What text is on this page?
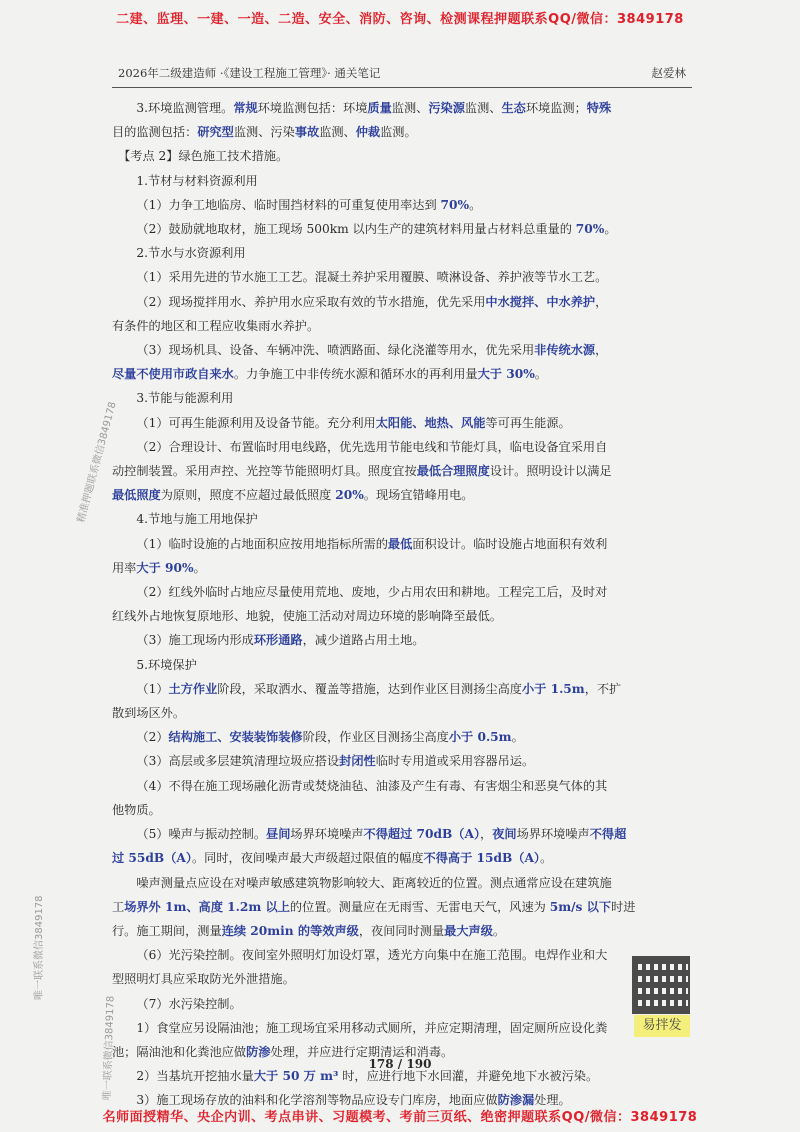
二建、监理、一建、一造、二造、安全、消防、咨询、检测课程押题联系QQ/微信：3849178
2026年二级建造师 ·《建设工程施工管理》· 通关笔记	赵爱林

3.环境监测管理。常规环境监测包括：环境质量监测、污染源监测、生态环境监测；特殊

目的监测包括：研究型监测、污染事故监测、仲裁监测。

【考点 2】绿色施工技术措施。

1.节材与材料资源利用

（1）力争工地临房、临时围挡材料的可重复使用率达到 70%。

（2）鼓励就地取材，施工现场 500km 以内生产的建筑材料用量占材料总重量的 70%。

2.节水与水资源利用

（1）采用先进的节水施工工艺。混凝土养护采用覆膜、喷淋设备、养护液等节水工艺。

（2）现场搅拌用水、养护用水应采取有效的节水措施，优先采用中水搅拌、中水养护，

有条件的地区和工程应收集雨水养护。

（3）现场机具、设备、车辆冲洗、喷洒路面、绿化浇灌等用水，优先采用非传统水源，

尽量不使用市政自来水。力争施工中非传统水源和循环水的再利用量大于 30%。

3.节能与能源利用

（1）可再生能源利用及设备节能。充分利用太阳能、地热、风能等可再生能源。

（2）合理设计、布置临时用电线路，优先选用节能电线和节能灯具，临电设备宜采用自

动控制装置。采用声控、光控等节能照明灯具。照度宜按最低合理照度设计。照明设计以满足

最低照度为原则，照度不应超过最低照度 20%。现场宜错峰用电。

4.节地与施工用地保护

（1）临时设施的占地面积应按用地指标所需的最低面积设计。临时设施占地面积有效利

用率大于 90%。

（2）红线外临时占地应尽量使用荒地、废地，少占用农田和耕地。工程完工后，及时对

红线外占地恢复原地形、地貌，使施工活动对周边环境的影响降至最低。

（3）施工现场内形成环形通路，减少道路占用土地。

5.环境保护

（1）土方作业阶段，采取洒水、覆盖等措施，达到作业区目测扬尘高度小于 1.5m，不扩

散到场区外。

（2）结构施工、安装装饰装修阶段，作业区目测扬尘高度小于 0.5m。

（3）高层或多层建筑清理垃圾应搭设封闭性临时专用道或采用容器吊运。

（4）不得在施工现场融化沥青或焚烧油毡、油漆及产生有毒、有害烟尘和恶臭气体的其

他物质。

（5）噪声与振动控制。昼间场界环境噪声不得超过 70dB（A），夜间场界环境噪声不得超

过 55dB（A）。同时，夜间噪声最大声级超过限值的幅度不得高于 15dB（A）。

噪声测量点应设在对噪声敏感建筑物影响较大、距离较近的位置。测点通常应设在建筑施

工场界外 1m、高度 1.2m 以上的位置。测量应在无雨雪、无雷电天气，风速为 5m/s 以下时进

行。施工期间，测量连续 20min 的等效声级，夜间同时测量最大声级。

（6）光污染控制。夜间室外照明灯加设灯罩，透光方向集中在施工范围。电焊作业和大

型照明灯具应采取防光外泄措施。

（7）水污染控制。

1）食堂应另设隔油池；施工现场宜采用移动式厕所，并应定期清理，固定厕所应设化粪

池；隔油池和化粪池应做防渗处理，并应进行定期清运和消毒。

2）当基坑开挖抽水量大于 50 万 m³ 时，应进行地下水回灌，并避免地下水被污染。

3）施工现场存放的油料和化学溶剂等物品应设专门库房，地面应做防渗漏处理。

精准押题联系微信3849178
唯一联系微信3849178
唯一联系微信3849178	易拌发
178 / 190
名师面授精华、央企内训、考点串讲、习题模考、考前三页纸、绝密押题联系QQ/微信：3849178
